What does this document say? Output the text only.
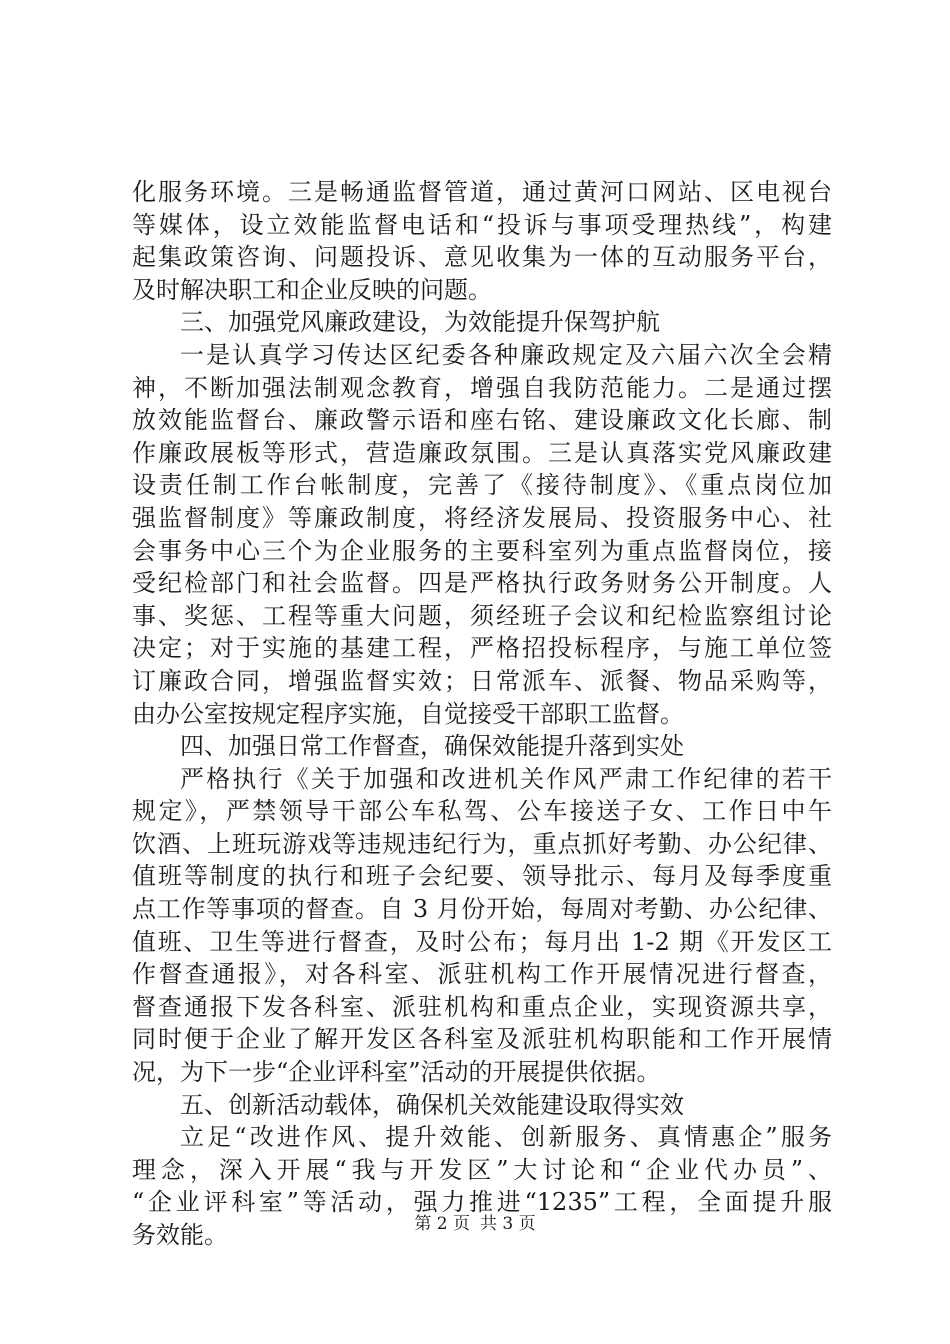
化服务环境。三是畅通监督管道，通过黄河口网站、区电视台
等媒体，设立效能监督电话和“投诉与事项受理热线”，构建
起集政策咨询、问题投诉、意见收集为一体的互动服务平台，
及时解决职工和企业反映的问题。
三、加强党风廉政建设，为效能提升保驾护航
一是认真学习传达区纪委各种廉政规定及六届六次全会精
神，不断加强法制观念教育，增强自我防范能力。二是通过摆
放效能监督台、廉政警示语和座右铭、建设廉政文化长廊、制
作廉政展板等形式，营造廉政氛围。三是认真落实党风廉政建
设责任制工作台帐制度，完善了《接待制度》、《重点岗位加
强监督制度》等廉政制度，将经济发展局、投资服务中心、社
会事务中心三个为企业服务的主要科室列为重点监督岗位，接
受纪检部门和社会监督。四是严格执行政务财务公开制度。人
事、奖惩、工程等重大问题，须经班子会议和纪检监察组讨论
决定；对于实施的基建工程，严格招投标程序，与施工单位签
订廉政合同，增强监督实效；日常派车、派餐、物品采购等，
由办公室按规定程序实施，自觉接受干部职工监督。
四、加强日常工作督查，确保效能提升落到实处
严格执行《关于加强和改进机关作风严肃工作纪律的若干
规定》，严禁领导干部公车私驾、公车接送子女、工作日中午
饮酒、上班玩游戏等违规违纪行为，重点抓好考勤、办公纪律、
值班等制度的执行和班子会纪要、领导批示、每月及每季度重
点工作等事项的督查。自 3 月份开始，每周对考勤、办公纪律、
值班、卫生等进行督查，及时公布；每月出 1-2 期《开发区工
作督查通报》，对各科室、派驻机构工作开展情况进行督查，
督查通报下发各科室、派驻机构和重点企业，实现资源共享，
同时便于企业了解开发区各科室及派驻机构职能和工作开展情
况，为下一步“企业评科室”活动的开展提供依据。
五、创新活动载体，确保机关效能建设取得实效
立足“改进作风、提升效能、创新服务、真情惠企”服务
理念，深入开展“我与开发区”大讨论和“企业代办员”、
“企业评科室”等活动，强力推进“1235”工程，全面提升服
务效能。	第 2 页 共 3 页
